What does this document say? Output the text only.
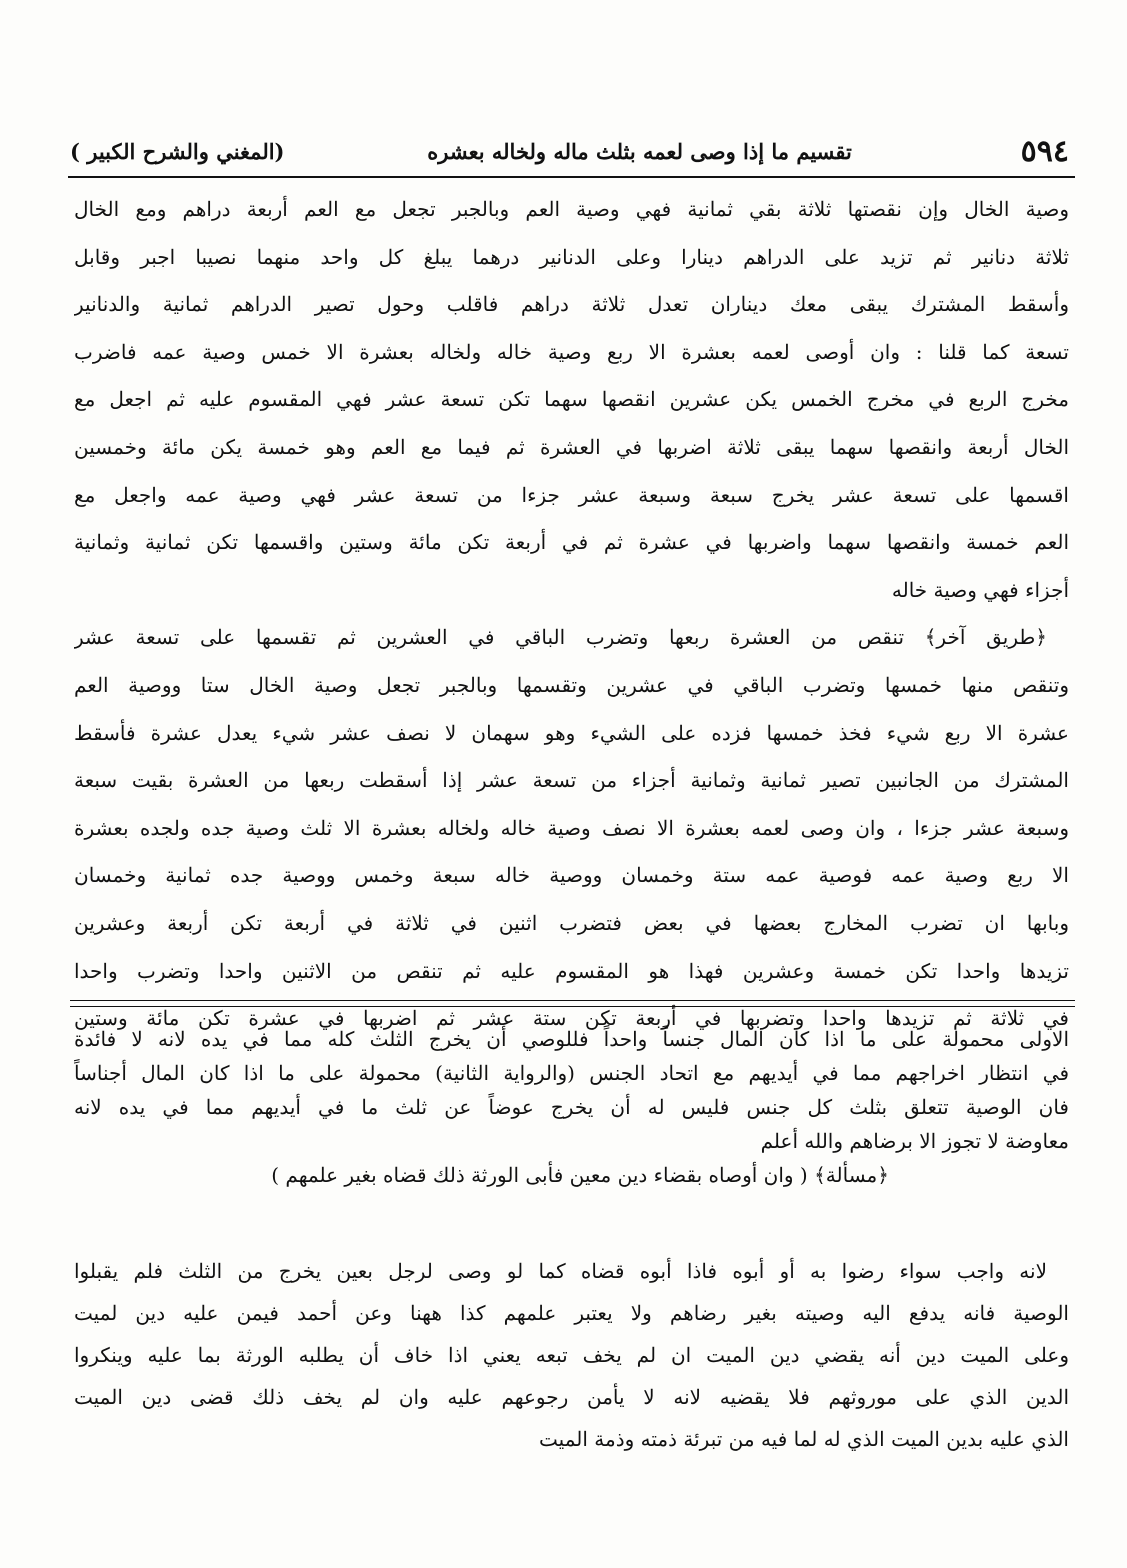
٥٩٤
تقسيم ما إذا وصى لعمه بثلث ماله ولخاله بعشره
(المغني والشرح الكبير )
وصية الخال وإن نقصتها ثلاثة بقي ثمانية فهي وصية العم وبالجبر تجعل مع العم أربعة دراهم ومع الخال
ثلاثة دنانير ثم تزيد على الدراهم دينارا وعلى الدنانير درهما يبلغ كل واحد منهما نصيبا اجبر وقابل
وأسقط المشترك يبقى معك ديناران تعدل ثلاثة دراهم فاقلب وحول تصير الدراهم ثمانية والدنانير
تسعة كما قلنا : وان أوصى لعمه بعشرة الا ربع وصية خاله ولخاله بعشرة الا خمس وصية عمه فاضرب
مخرج الربع في مخرج الخمس يكن عشرين انقصها سهما تكن تسعة عشر فهي المقسوم عليه ثم اجعل مع
الخال أربعة وانقصها سهما يبقى ثلاثة اضربها في العشرة ثم فيما مع العم وهو خمسة يكن مائة وخمسين
اقسمها على تسعة عشر يخرج سبعة وسبعة عشر جزءا من تسعة عشر فهي وصية عمه واجعل مع
العم خمسة وانقصها سهما واضربها في عشرة ثم في أربعة تكن مائة وستين واقسمها تكن ثمانية وثمانية
أجزاء فهي وصية خاله
﴿طريق آخر﴾ تنقص من العشرة ربعها وتضرب الباقي في العشرين ثم تقسمها على تسعة عشر
وتنقص منها خمسها وتضرب الباقي في عشرين وتقسمها وبالجبر تجعل وصية الخال ستا ووصية العم
عشرة الا ربع شيء فخذ خمسها فزده على الشيء وهو سهمان لا نصف عشر شيء يعدل عشرة فأسقط
المشترك من الجانبين تصير ثمانية وثمانية أجزاء من تسعة عشر إذا أسقطت ربعها من العشرة بقيت سبعة
وسبعة عشر جزءا ، وان وصى لعمه بعشرة الا نصف وصية خاله ولخاله بعشرة الا ثلث وصية جده ولجده بعشرة
الا ربع وصية عمه فوصية عمه ستة وخمسان ووصية خاله سبعة وخمس ووصية جده ثمانية وخمسان
وبابها ان تضرب المخارج بعضها في بعض فتضرب اثنين في ثلاثة في أربعة تكن أربعة وعشرين
تزيدها واحدا تكن خمسة وعشرين فهذا هو المقسوم عليه ثم تنقص من الاثنين واحدا وتضرب واحدا
في ثلاثة ثم تزيدها واحدا وتضربها في أربعة تكن ستة عشر ثم اضربها في عشرة تكن مائة وستين
الاولى محمولة على ما اذا كان المال جنساً واحداً فللوصي أن يخرج الثلث كله مما في يده لانه لا فائدة
في انتظار اخراجهم مما في أيديهم مع اتحاد الجنس (والرواية الثانية) محمولة على ما اذا كان المال أجناساً
فان الوصية تتعلق بثلث كل جنس فليس له أن يخرج عوضاً عن ثلث ما في أيديهم مما في يده لانه
معاوضة لا تجوز الا برضاهم والله أعلم
﴿مسألة﴾ ( وان أوصاه بقضاء دين معين فأبى الورثة ذلك قضاه بغير علمهم )
لانه واجب سواء رضوا به أو أبوه فاذا أبوه قضاه كما لو وصى لرجل بعين يخرج من الثلث فلم يقبلوا
الوصية فانه يدفع اليه وصيته بغير رضاهم ولا يعتبر علمهم كذا ههنا وعن أحمد فيمن عليه دين لميت
وعلى الميت دين أنه يقضي دين الميت ان لم يخف تبعه يعني اذا خاف أن يطلبه الورثة بما عليه وينكروا
الدين الذي على موروثهم فلا يقضيه لانه لا يأمن رجوعهم عليه وان لم يخف ذلك قضى دين الميت
الذي عليه بدين الميت الذي له لما فيه من تبرئة ذمته وذمة الميت
